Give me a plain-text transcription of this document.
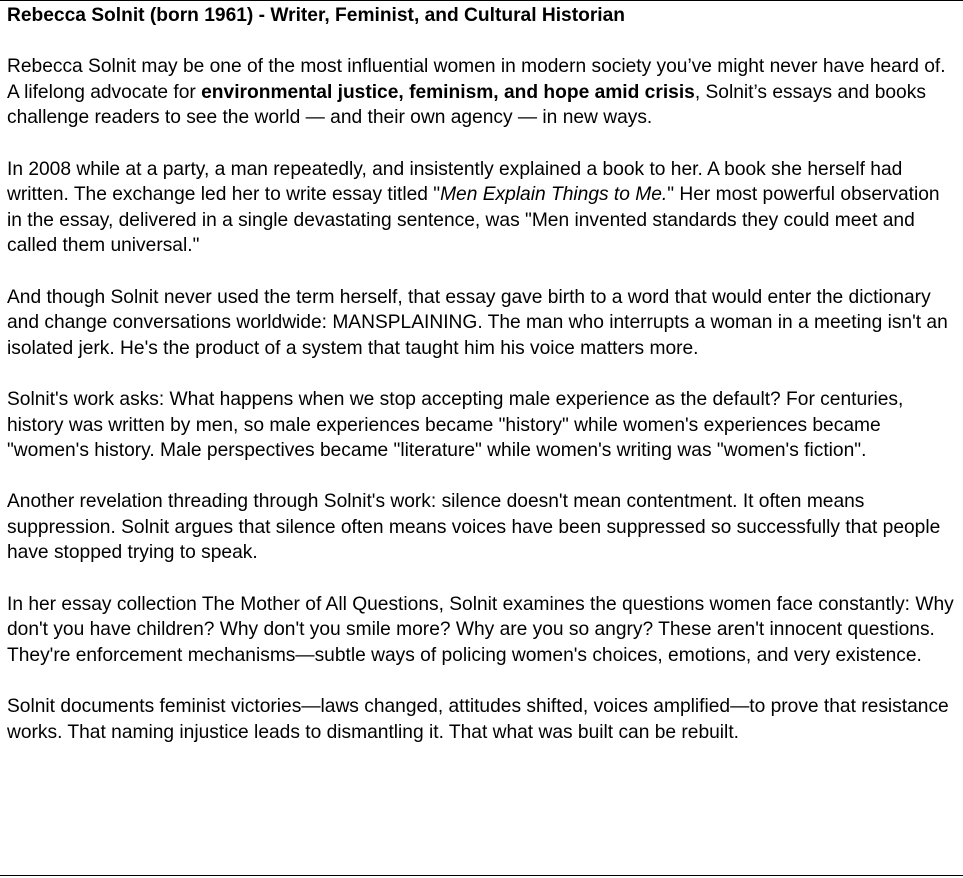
Rebecca Solnit (born 1961) - Writer, Feminist, and Cultural Historian

Rebecca Solnit may be one of the most influential women in modern society you’ve might never have heard of. A lifelong advocate for environmental justice, feminism, and hope amid crisis, Solnit’s essays and books challenge readers to see the world — and their own agency — in new ways.

In 2008 while at a party, a man repeatedly, and insistently explained a book to her. A book she herself had written. The exchange led her to write essay titled "Men Explain Things to Me." Her most powerful observation in the essay, delivered in a single devastating sentence, was "Men invented standards they could meet and called them universal."

And though Solnit never used the term herself, that essay gave birth to a word that would enter the dictionary and change conversations worldwide: MANSPLAINING. The man who interrupts a woman in a meeting isn't an isolated jerk. He's the product of a system that taught him his voice matters more.

Solnit's work asks: What happens when we stop accepting male experience as the default? For centuries, history was written by men, so male experiences became "history" while women's experiences became "women's history. Male perspectives became "literature" while women's writing was "women's fiction".

Another revelation threading through Solnit's work: silence doesn't mean contentment. It often means suppression. Solnit argues that silence often means voices have been suppressed so successfully that people have stopped trying to speak.

In her essay collection The Mother of All Questions, Solnit examines the questions women face constantly: Why don't you have children? Why don't you smile more? Why are you so angry? These aren't innocent questions. They're enforcement mechanisms—subtle ways of policing women's choices, emotions, and very existence.

Solnit documents feminist victories—laws changed, attitudes shifted, voices amplified—to prove that resistance works. That naming injustice leads to dismantling it. That what was built can be rebuilt.
